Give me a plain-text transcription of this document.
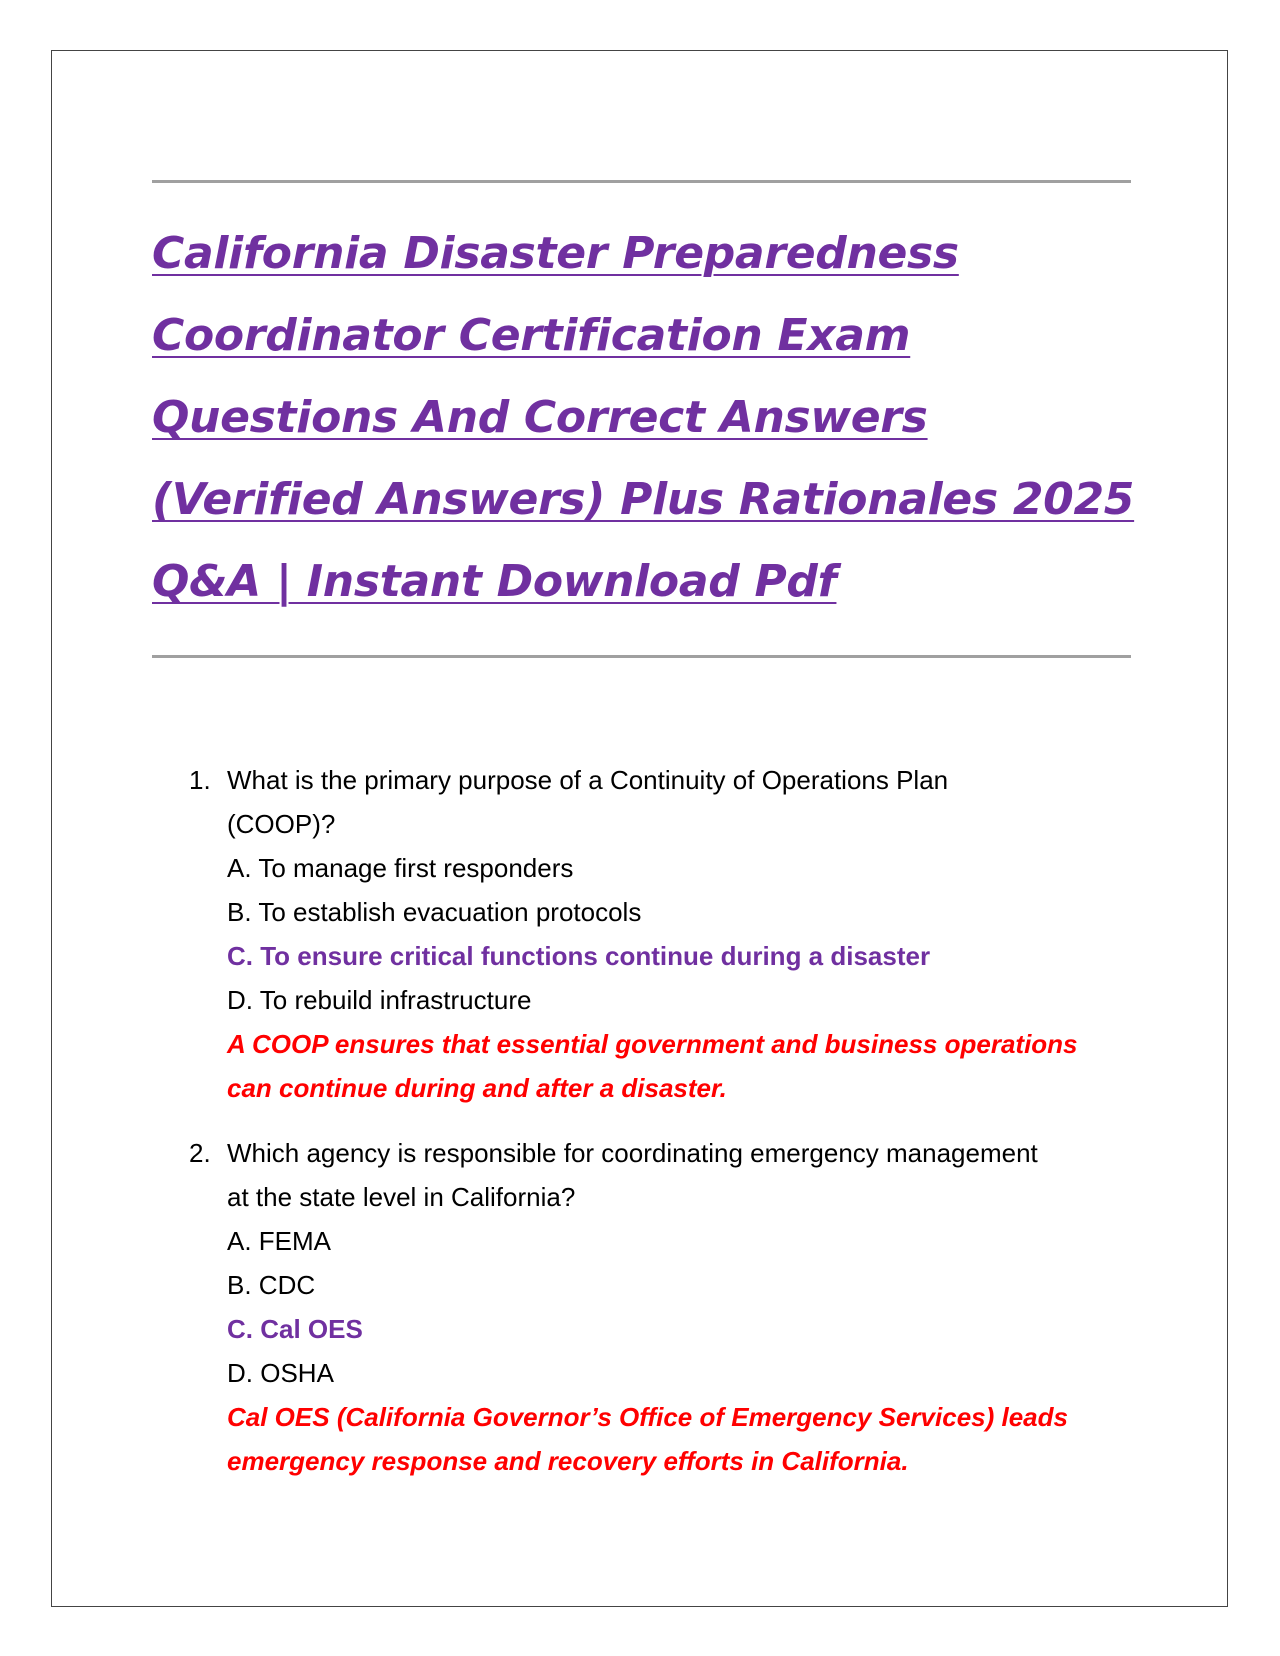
California Disaster Preparedness
Coordinator Certification Exam
Questions And Correct Answers
(Verified Answers) Plus Rationales 2025
Q&A | Instant Download Pdf
1. What is the primary purpose of a Continuity of Operations Plan
(COOP)?
A. To manage first responders
B. To establish evacuation protocols
C. To ensure critical functions continue during a disaster
D. To rebuild infrastructure
A COOP ensures that essential government and business operations
can continue during and after a disaster.
2. Which agency is responsible for coordinating emergency management
at the state level in California?
A. FEMA
B. CDC
C. Cal OES
D. OSHA
Cal OES (California Governor’s Office of Emergency Services) leads
emergency response and recovery efforts in California.
